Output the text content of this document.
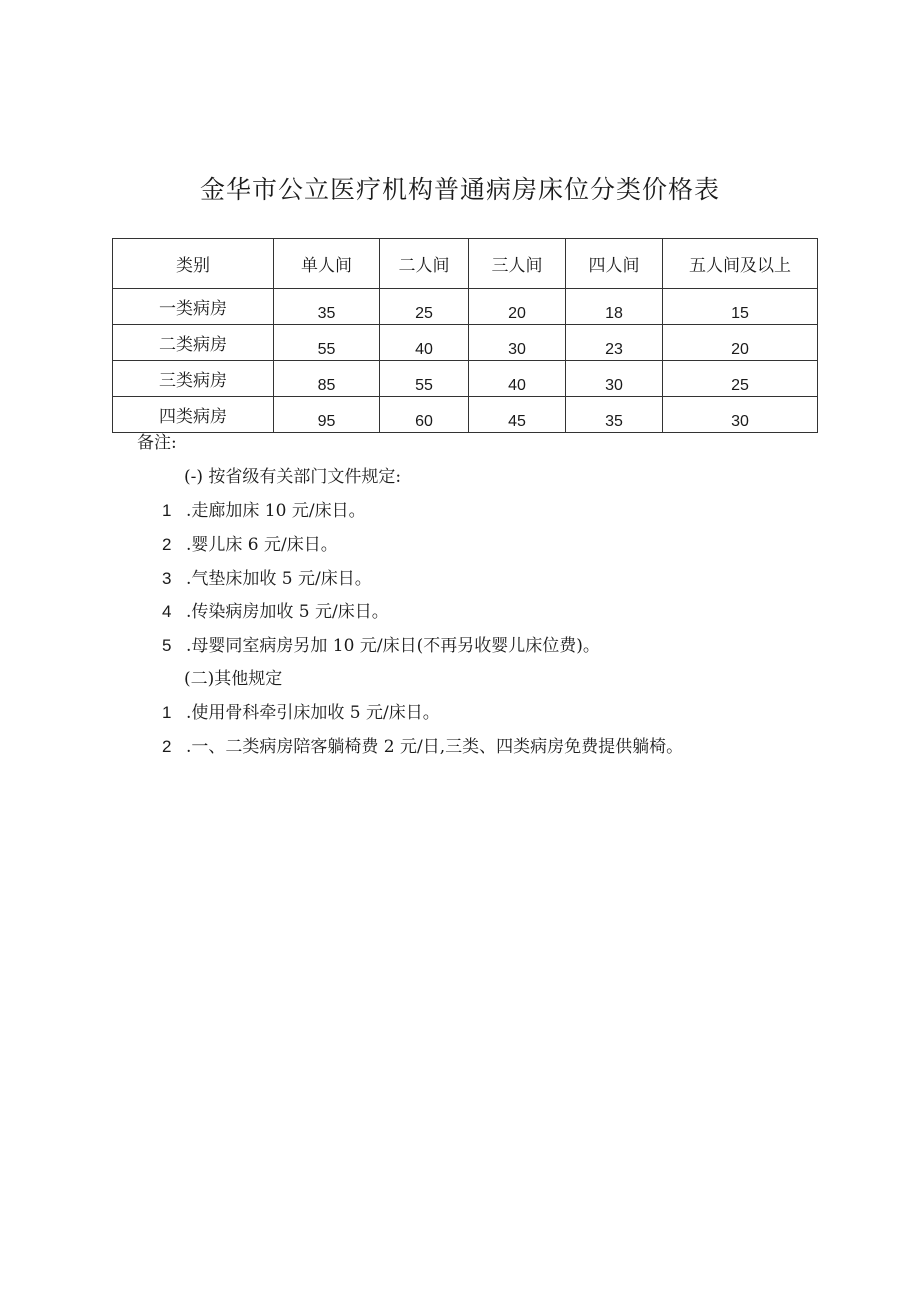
金华市公立医疗机构普通病房床位分类价格表
类别	单人间	二人间	三人间	四人间	五人间及以上
一类病房	35	25	20	18	15
二类病房	55	40	30	23	20
三类病房	85	55	40	30	25
四类病房	95	60	45	35	30
备注:
(-) 按省级有关部门文件规定:
1 .走廊加床 10 元/床日。
2 .婴儿床 6 元/床日。
3 .气垫床加收 5 元/床日。
4 .传染病房加收 5 元/床日。
5 .母婴同室病房另加 10 元/床日(不再另收婴儿床位费)。
(二)其他规定
1 .使用骨科牵引床加收 5 元/床日。
2 .一、二类病房陪客躺椅费 2 元/日,三类、四类病房免费提供躺椅。
